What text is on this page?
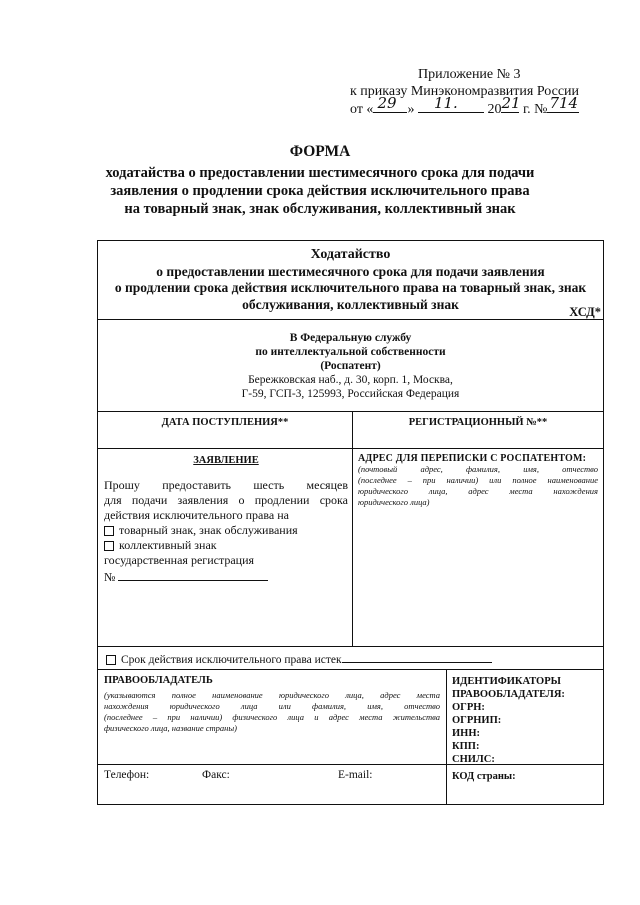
Приложение № 3
к приказу Минэкономразвития России
от « 29 » 11. 20 21 г. № 714
ФОРМА
ходатайства о предоставлении шестимесячного срока для подачи
заявления о продлении срока действия исключительного права
на товарный знак, знак обслуживания, коллективный знак
Ходатайство
о предоставлении шестимесячного срока для подачи заявления
о продлении срока действия исключительного права на товарный знак, знак
обслуживания, коллективный знак
ХСД*
В Федеральную службу
по интеллектуальной собственности
(Роспатент)
Бережковская наб., д. 30, корп. 1, Москва,
Г-59, ГСП-3, 125993, Российская Федерация
ДАТА ПОСТУПЛЕНИЯ**	РЕГИСТРАЦИОННЫЙ №**
ЗАЯВЛЕНИЕ
Прошу предоставить шесть месяцев
для подачи заявления о продлении срока
действия исключительного права на
товарный знак, знак обслуживания
коллективный знак
государственная регистрация
№
АДРЕС ДЛЯ ПЕРЕПИСКИ С РОСПАТЕНТОМ:
(почтовый адрес, фамилия, имя, отчество
(последнее – при наличии) или полное наименование
юридического лица, адрес места нахождения
юридического лица)
Срок действия исключительного права истек
ПРАВООБЛАДАТЕЛЬ
(указываются полное наименование юридического лица, адрес места
нахождения юридического лица или фамилия, имя, отчество
(последнее – при наличии) физического лица и адрес места жительства
физического лица, название страны)
ИДЕНТИФИКАТОРЫ
ПРАВООБЛАДАТЕЛЯ:
ОГРН:
ОГРНИП:
ИНН:
КПП:
СНИЛС:
Телефон:	Факс:	E-mail:	КОД страны:
